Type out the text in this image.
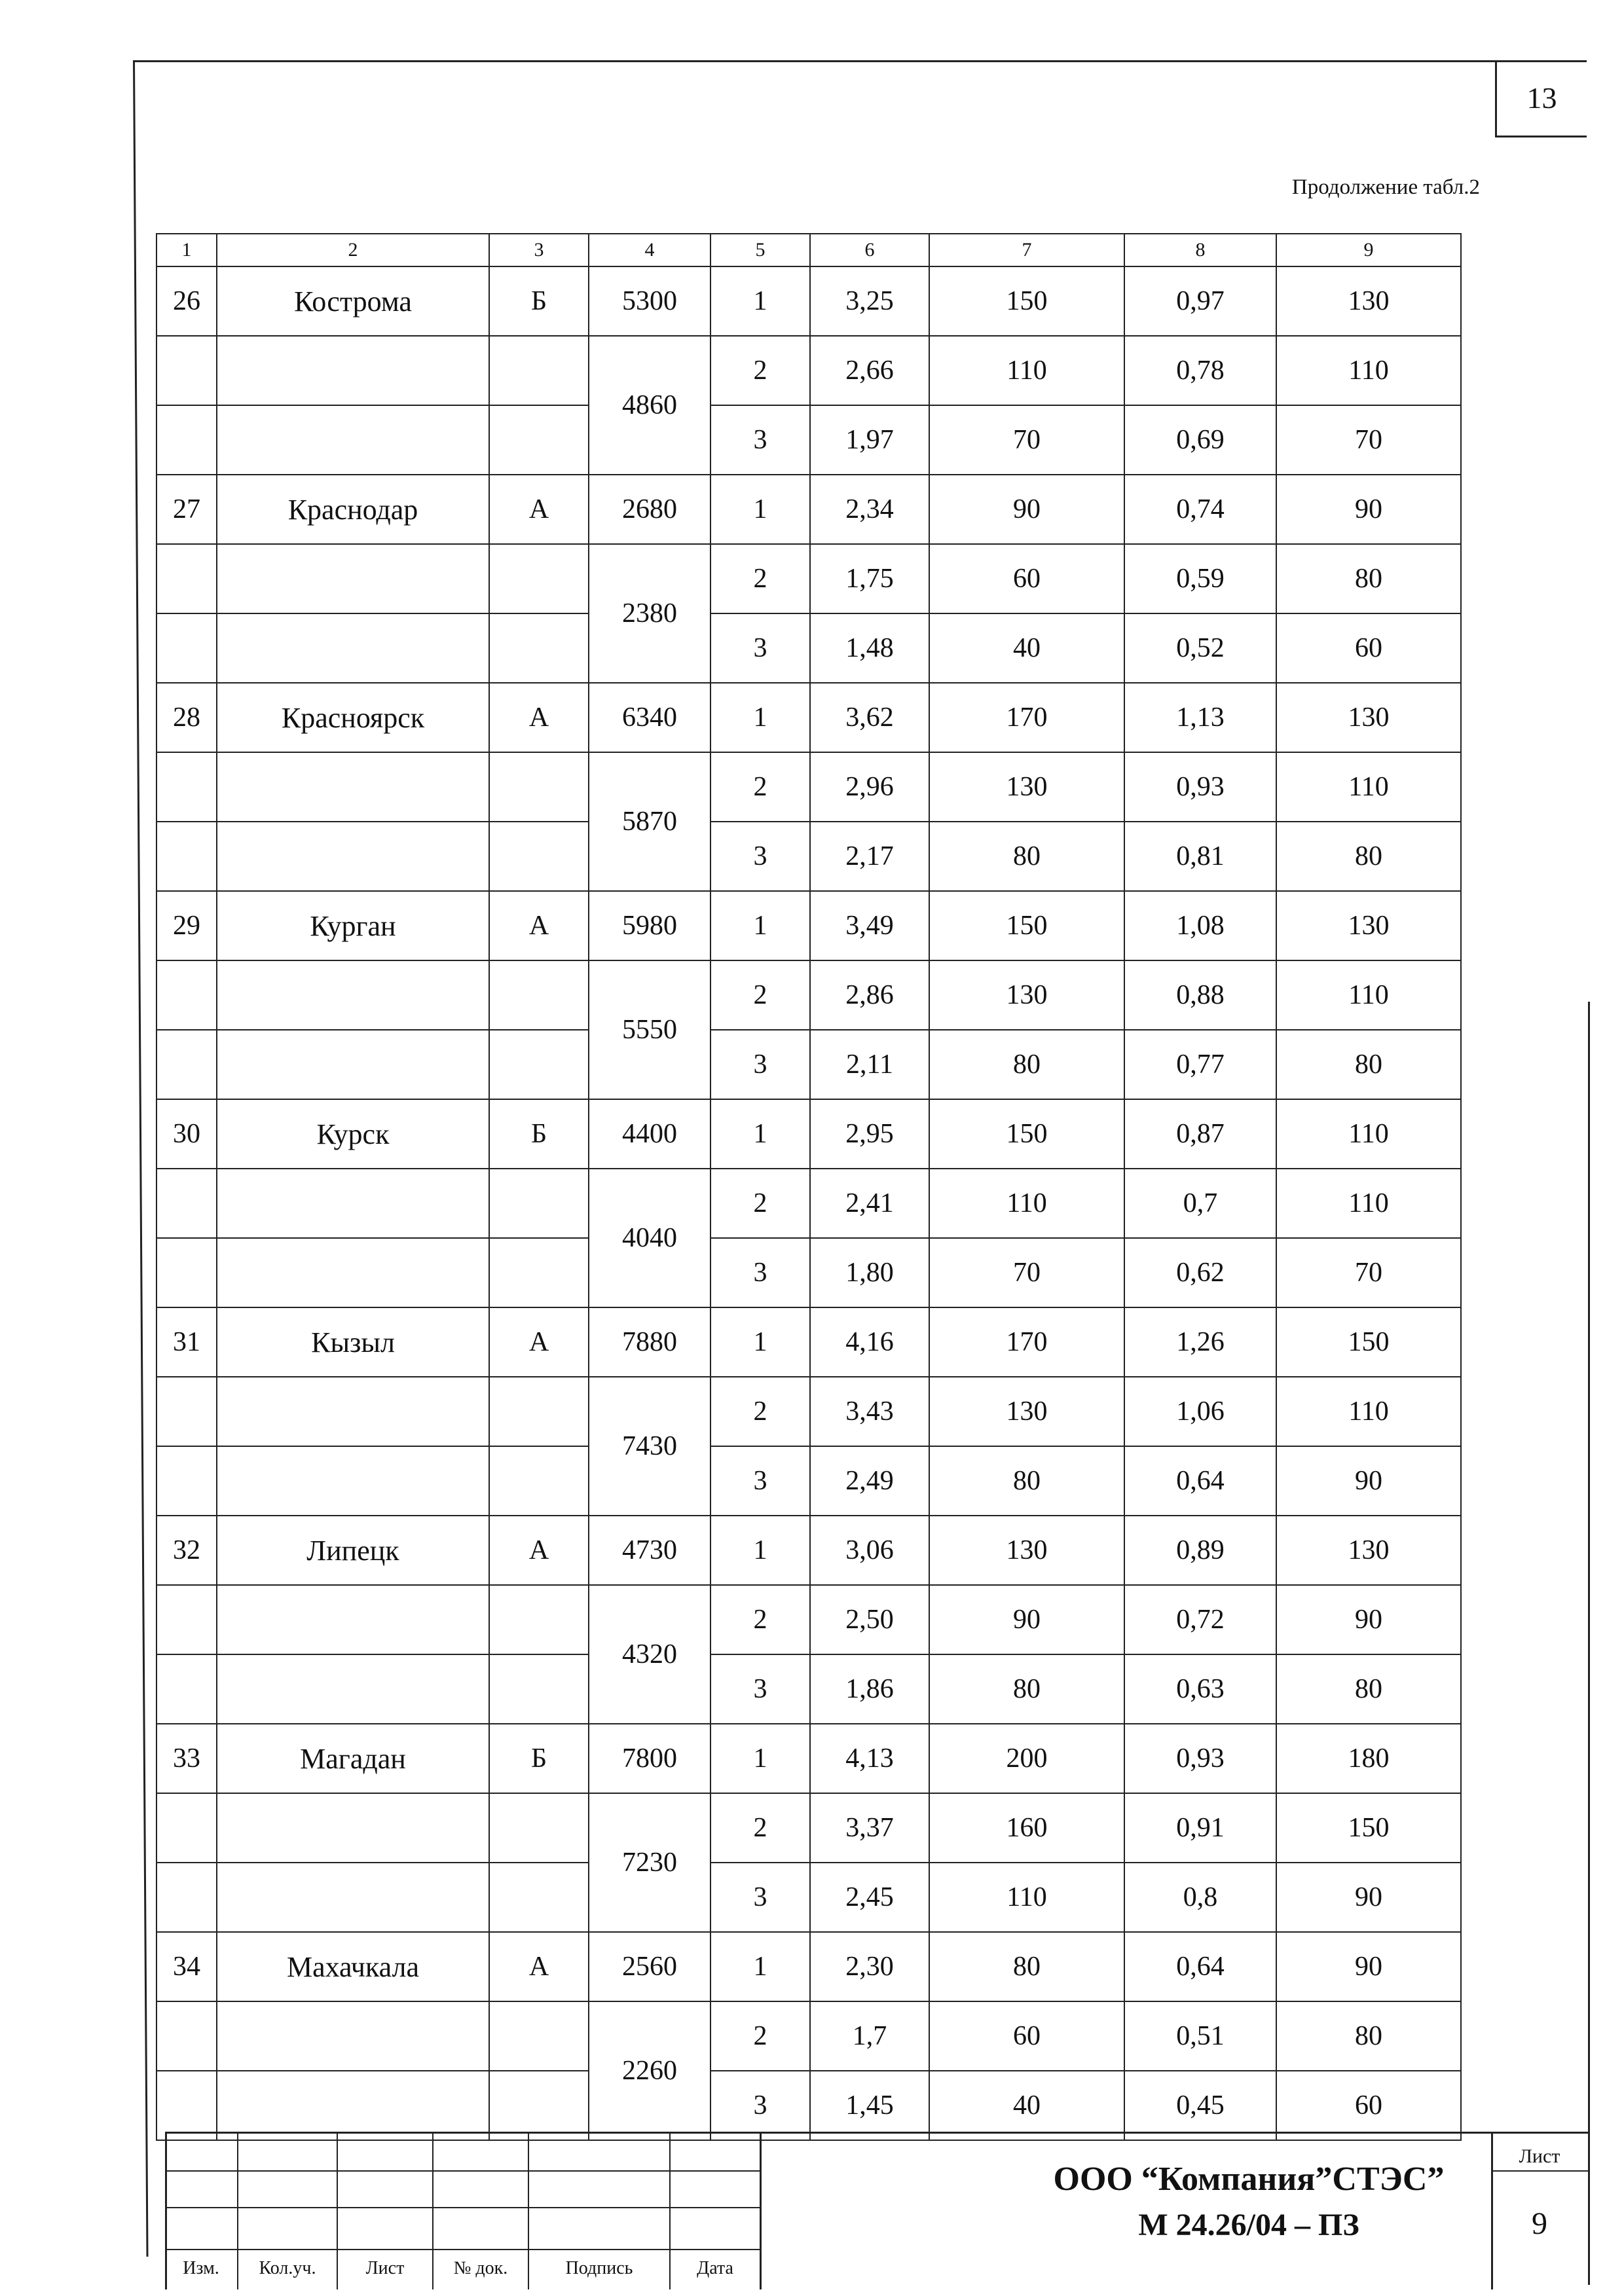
13
Продолжение табл.2
1	2	3	4	5	6	7	8	9
26	Кострома	Б	5300	1	3,25	150	0,97	130
			4860	2	2,66	110	0,78	110
				3	1,97	70	0,69	70
27	Краснодар	А	2680	1	2,34	90	0,74	90
			2380	2	1,75	60	0,59	80
				3	1,48	40	0,52	60
28	Красноярск	А	6340	1	3,62	170	1,13	130
			5870	2	2,96	130	0,93	110
				3	2,17	80	0,81	80
29	Курган	А	5980	1	3,49	150	1,08	130
			5550	2	2,86	130	0,88	110
				3	2,11	80	0,77	80
30	Курск	Б	4400	1	2,95	150	0,87	110
			4040	2	2,41	110	0,7	110
				3	1,80	70	0,62	70
31	Кызыл	А	7880	1	4,16	170	1,26	150
			7430	2	3,43	130	1,06	110
				3	2,49	80	0,64	90
32	Липецк	А	4730	1	3,06	130	0,89	130
			4320	2	2,50	90	0,72	90
				3	1,86	80	0,63	80
33	Магадан	Б	7800	1	4,13	200	0,93	180
			7230	2	3,37	160	0,91	150
				3	2,45	110	0,8	90
34	Махачкала	А	2560	1	2,30	80	0,64	90
			2260	2	1,7	60	0,51	80
				3	1,45	40	0,45	60
Изм.	Кол.уч.	Лист	№ док.	Подпись	Дата
ООО “Компания”СТЭС”
М 24.26/04 – ПЗ
Лист
9
